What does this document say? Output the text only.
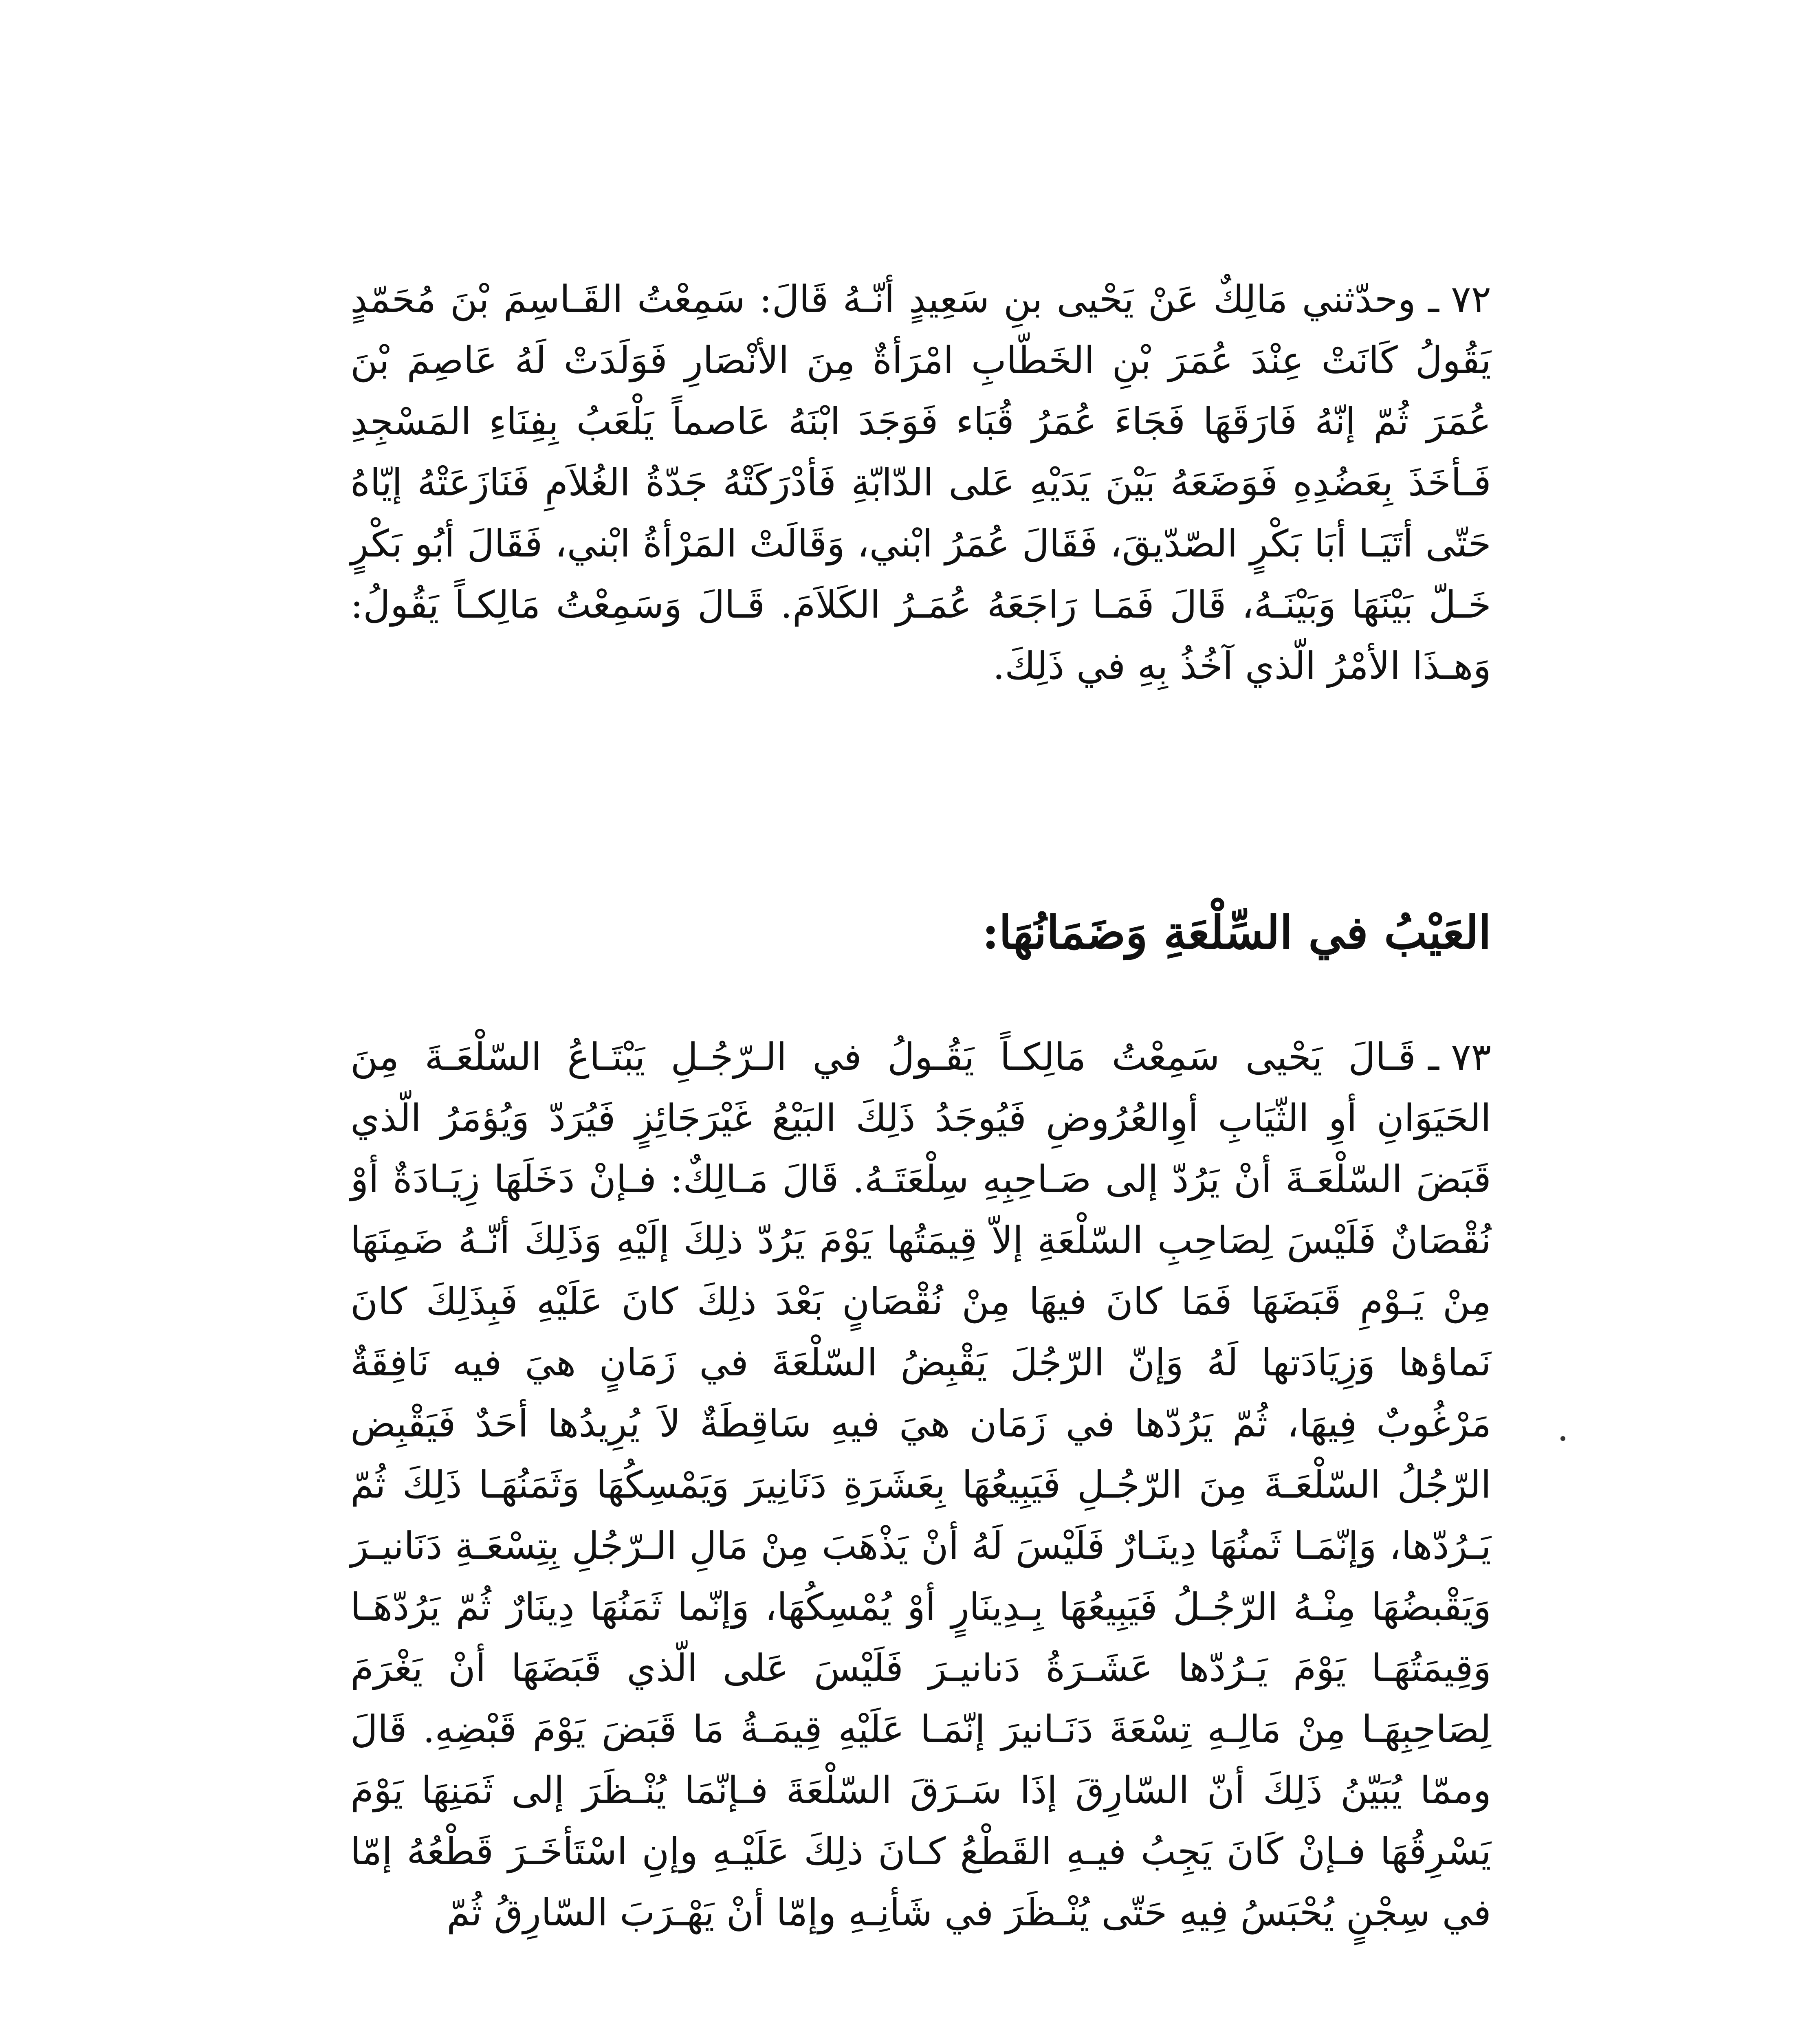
٧٢ ـوحدّثني مَالِكٌ عَنْ يَحْيى بنِ سَعِيدٍ أنّـهُ قَالَ: سَمِعْتُ القَـاسِمَ بْنَ مُحَمّدٍ يَقُولُ كَانَتْ عِنْدَ عُمَرَ بْنِ الخَطّابِ امْرَأةٌ مِنَ الأنْصَارِ فَوَلَدَتْ لَهُ عَاصِمَ بْنَ عُمَرَ ثُمّ إنّهُ فَارَقَهَا فَجَاءَ عُمَرُ قُبَاء فَوَجَدَ ابْنَهُ عَاصماً يَلْعَبُ بِفِنَاءِ المَسْجِدِ فَـأخَذَ بِعَضُدِهِ فَوَضَعَهُ بَيْنَ يَدَيْهِ عَلى الدّابّةِ فَأدْرَكَتْهُ جَدّةُ الغُلاَمِ فَنَازَعَتْهُ إيّاهُ حَتّى أتَيَـا أبَا بَكْرٍ الصّدّيقَ، فَقَالَ عُمَرُ ابْني، وَقَالَتْ المَرْأةُ ابْني، فَقَالَ أبُو بَكْرٍ خَـلّ بَيْنَهَا وَبَيْنَـهُ، قَالَ فَمَـا رَاجَعَهُ عُمَـرُ الكَلاَمَ. قَـالَ وَسَمِعْتُ مَالِكـاً يَقُولُ: وَهـذَا الأمْرُ الّذي آخُذُ بِهِ في ذَلِكَ.
العَيْبُ في السِّلْعَةِ وَضَمَانُهَا:
٧٣ ـقَـالَ يَحْيى سَمِعْتُ مَالِكـاً يَقُـولُ في الـرّجُـلِ يَبْتَـاعُ السّلْعَـةَ مِنَ الحَيَوَانِ أوِ الثّيَابِ أوِالعُرُوضِ فَيُوجَدُ ذَلِكَ البَيْعُ غَيْرَجَائِزٍ فَيُرَدّ وَيُؤمَرُ الّذي قَبَضَ السّلْعَـةَ أنْ يَرُدّ إلى صَـاحِبِهِ سِلْعَتَـهُ. قَالَ مَـالِكٌ: فـإنْ دَخَلَهَا زِيَـادَةٌ أوْ نُقْصَانٌ فَلَيْسَ لِصَاحِبِ السّلْعَةِ إلاّ قِيمَتُها يَوْمَ يَرُدّ ذلِكَ إلَيْهِ وَذَلِكَ أنّـهُ ضَمِنَهَا مِنْ يَـوْمِ قَبَضَهَا فَمَا كانَ فيهَا مِنْ نُقْصَانٍ بَعْدَ ذلِكَ كانَ عَلَيْهِ فَبِذَلِكَ كانَ نَماؤها وَزِيَادَتها لَهُ وَإنّ الرّجُلَ يَقْبِضُ السّلْعَةَ في زَمَانٍ هيَ فيه نَافِقَةٌ مَرْغُوبٌ فِيهَا، ثُمّ يَرُدّها في زَمَان هيَ فيهِ سَاقِطَةٌ لاَ يُرِيدُها أحَدٌ فَيَقْبِض الرّجُلُ السّلْعَـةَ مِنَ الرّجُـلِ فَيَبِيعُهَا بِعَشَرَةِ دَنَانِيرَ وَيَمْسِكُهَا وَثَمَنُهَـا ذَلِكَ ثُمّ يَـرُدّها، وَإنّمَـا ثَمنُهَا دِينَـارٌ فَلَيْسَ لَهُ أنْ يَذْهَبَ مِنْ مَالِ الـرّجُلِ بِتِسْعَـةِ دَنَانيـرَ وَيَقْبضُهَا مِنْـهُ الرّجُـلُ فَيَبِيعُهَا بِـدِينَارٍ أوْ يُمْسِكُهَا، وَإنّما ثَمَنُهَا دِينَارٌ ثُمّ يَرُدّهَـا وَقِيمَتُهَـا يَوْمَ يَـرُدّها عَشَـرَةُ دَنانيـرَ فَلَيْسَ عَلى الّذي قَبَضَهَا أنْ يَغْرَمَ لِصَاحِبِهَـا مِنْ مَالِـهِ تِسْعَةَ دَنَـانيرَ إنّمَـا عَلَيْهِ قِيمَـةُ مَا قَبَضَ يَوْمَ قَبْضِهِ. قَالَ وممّا يُبَيّنُ ذَلِكَ أنّ السّارِقَ إذَا سَـرَقَ السّلْعَةَ فـإنّمَا يُنْـظَرَ إلى ثَمَنِهَا يَوْمَ يَسْرِقُهَا فـإنْ كَانَ يَجِبُ فيـهِ القَطْعُ كـانَ ذلِكَ عَلَيْـهِ وإنِ اسْتَأخَـرَ قَطْعُهُ إمّا في سِجْنٍ يُحْبَسُ فِيهِ حَتّى يُنْـظَرَ في شَأنِـهِ وإمّا أنْ يَهْـرَبَ السّارِقُ ثُمّ
